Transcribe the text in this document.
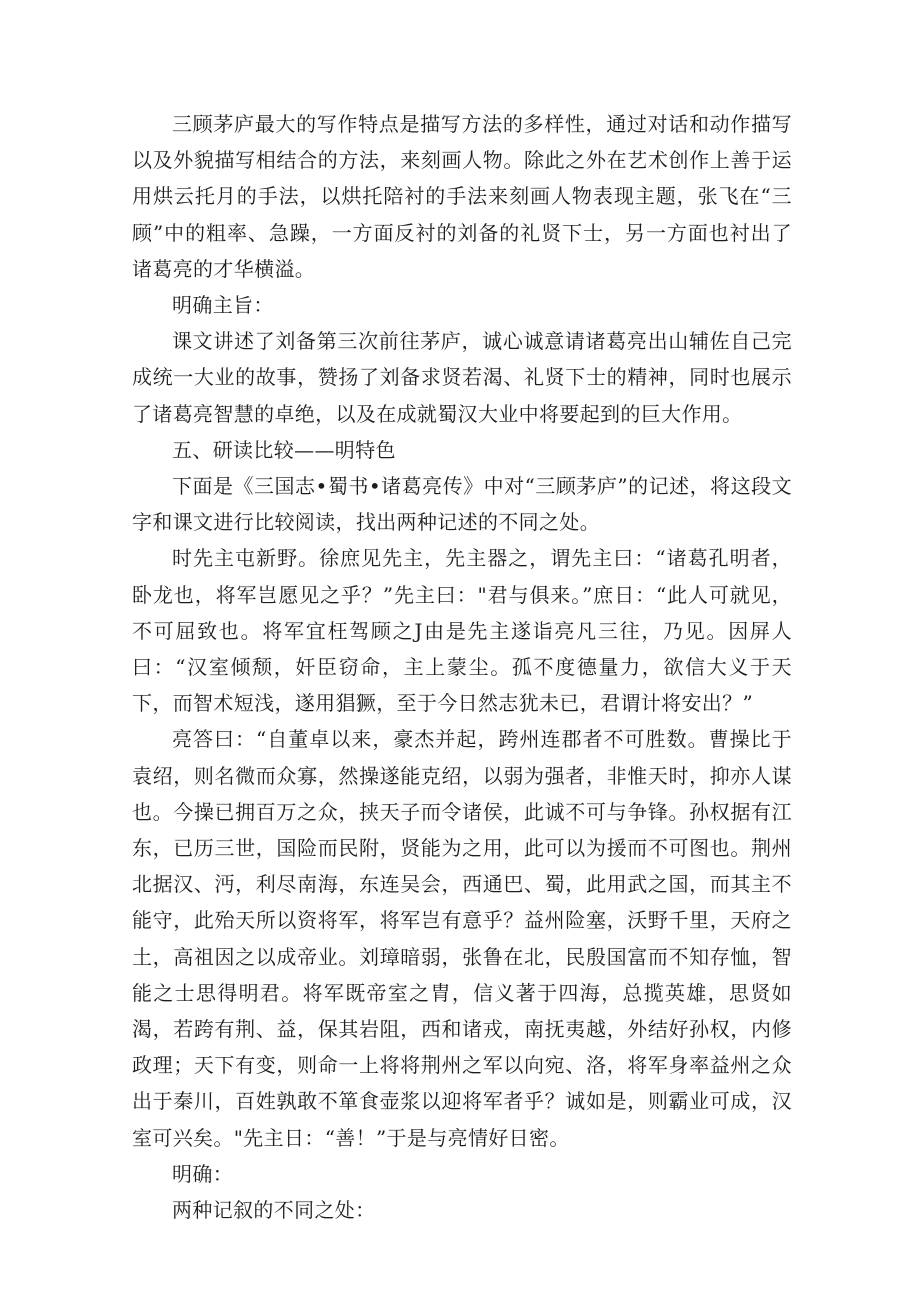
三顾茅庐最大的写作特点是描写方法的多样性，通过对话和动作描写以及外貌描写相结合的方法，来刻画人物。除此之外在艺术创作上善于运用烘云托月的手法，以烘托陪衬的手法来刻画人物表现主题，张飞在“三顾”中的粗率、急躁，一方面反衬的刘备的礼贤下士，另一方面也衬出了诸葛亮的才华横溢。

明确主旨：

课文讲述了刘备第三次前往茅庐，诚心诚意请诸葛亮出山辅佐自己完成统一大业的故事，赞扬了刘备求贤若渴、礼贤下士的精神，同时也展示了诸葛亮智慧的卓绝，以及在成就蜀汉大业中将要起到的巨大作用。

五、研读比较——明特色

下面是《三国志•蜀书•诸葛亮传》中对“三顾茅庐”的记述，将这段文字和课文进行比较阅读，找出两种记述的不同之处。

时先主屯新野。徐庶见先主，先主器之，谓先主曰：“诸葛孔明者，卧龙也，将军岂愿见之乎？”先主曰："君与俱来。”庶日：“此人可就见，不可屈致也。将军宜枉驾顾之J由是先主遂诣亮凡三往，乃见。因屏人曰：“汉室倾颓，奸臣窃命，主上蒙尘。孤不度德量力，欲信大义于天下，而智术短浅，遂用猖獗，至于今日然志犹未已，君谓计将安出？”

亮答曰：“自董卓以来，豪杰并起，跨州连郡者不可胜数。曹操比于袁绍，则名微而众寡，然操遂能克绍，以弱为强者，非惟天时，抑亦人谋也。今操已拥百万之众，挟天子而令诸侯，此诚不可与争锋。孙权据有江东，已历三世，国险而民附，贤能为之用，此可以为援而不可图也。荆州北据汉、沔，利尽南海，东连吴会，西通巴、蜀，此用武之国，而其主不能守，此殆天所以资将军，将军岂有意乎？益州险塞，沃野千里，天府之土，高祖因之以成帝业。刘璋暗弱，张鲁在北，民殷国富而不知存恤，智能之士思得明君。将军既帝室之胄，信义著于四海，总揽英雄，思贤如渴，若跨有荆、益，保其岩阻，西和诸戎，南抚夷越，外结好孙权，内修政理；天下有变，则命一上将将荆州之军以向宛、洛，将军身率益州之众出于秦川，百姓孰敢不箪食壶浆以迎将军者乎？诚如是，则霸业可成，汉室可兴矣。"先主日：“善！”于是与亮情好日密。

明确：

两种记叙的不同之处：
